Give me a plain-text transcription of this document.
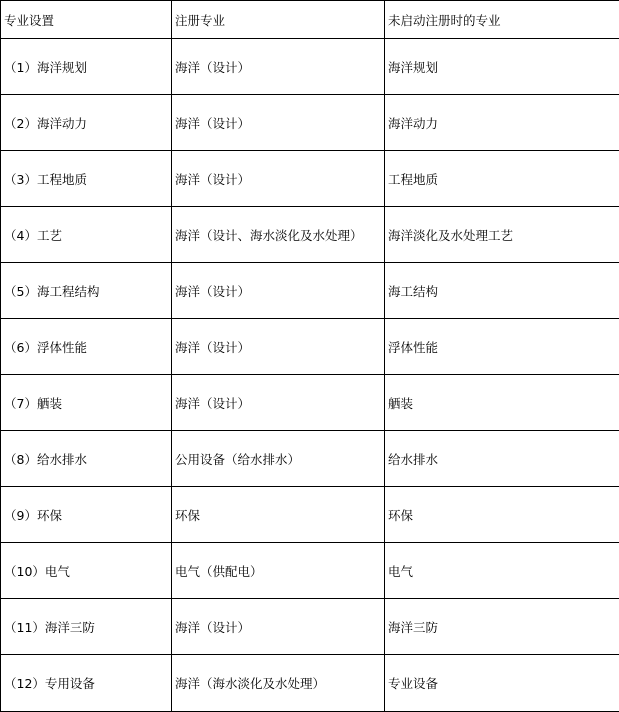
专业设置	注册专业	未启动注册时的专业
（1）海洋规划	海洋（设计）	海洋规划
（2）海洋动力	海洋（设计）	海洋动力
（3）工程地质	海洋（设计）	工程地质
（4）工艺	海洋（设计、海水淡化及水处理）	海洋淡化及水处理工艺
（5）海工程结构	海洋（设计）	海工结构
（6）浮体性能	海洋（设计）	浮体性能
（7）舾装	海洋（设计）	舾装
（8）给水排水	公用设备（给水排水）	给水排水
（9）环保	环保	环保
（10）电气	电气（供配电）	电气
（11）海洋三防	海洋（设计）	海洋三防
（12）专用设备	海洋（海水淡化及水处理）	专业设备
